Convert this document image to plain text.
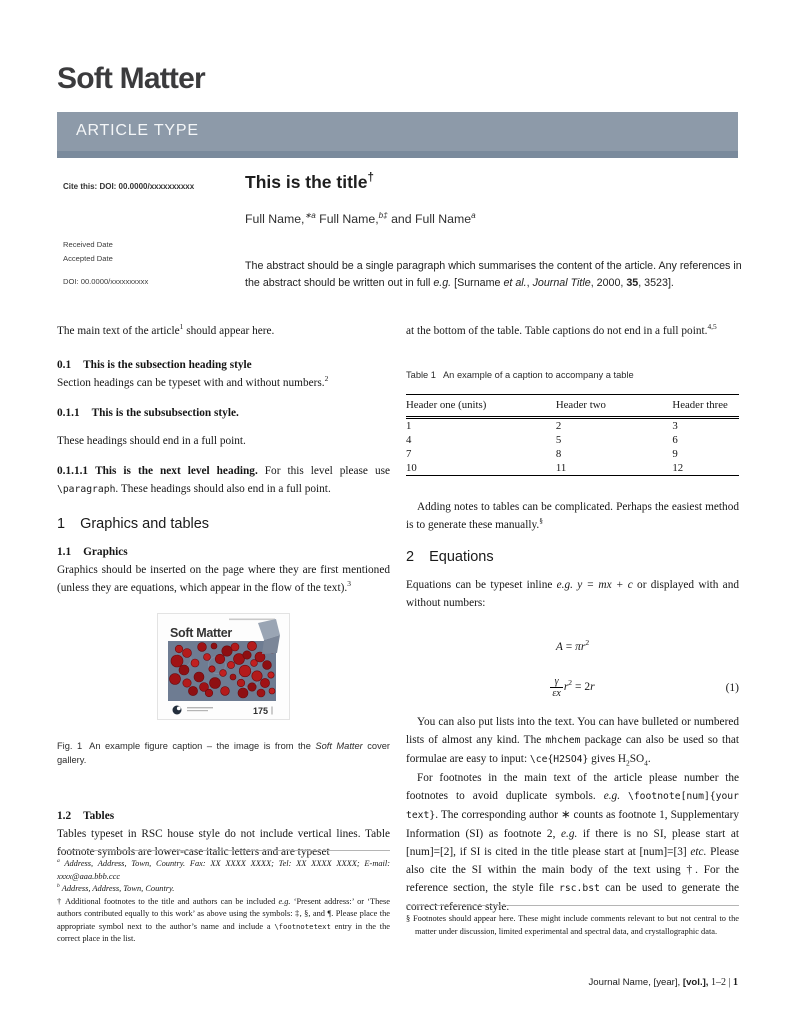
Soft Matter
ARTICLE TYPE
Cite this: DOI: 00.0000/xxxxxxxxxx
Received Date
Accepted Date
DOI: 00.0000/xxxxxxxxxx
This is the title†
Full Name,$^{∗a}$ Full Name,$^{b\ddagger}$ and Full Name$^a$
The abstract should be a single paragraph which summarises the content of the article. Any references in the abstract should be written out in full e.g. [Surname et al., Journal Title, 2000, 35, 3523].

The main text of the article$^1$ should appear here.

0.1 This is the subsection heading style

Section headings can be typeset with and without numbers.$^2$

0.1.1 This is the subsubsection style.

These headings should end in a full point.

0.1.1.1 This is the next level heading. For this level please use \paragraph. These headings should also end in a full point.

1 Graphics and tables
1.1 Graphics

Graphics should be inserted on the page where they are first mentioned (unless they are equations, which appear in the flow of the text).$^3$

Soft Matter
175
Fig. 1 An example figure caption – the image is from the Soft Matter cover gallery.
1.2 Tables

Tables typeset in RSC house style do not include vertical lines. Table footnote symbols are lower-case italic letters and are typeset

at the bottom of the table. Table captions do not end in a full point.$^{4,5}$

Table 1 An example of a caption to accompany a table
Header one (units)	Header two	Header three
1	2	3
4	5	6
7	8	9
10	11	12

Adding notes to tables can be complicated. Perhaps the easiest method is to generate these manually.§

2 Equations

Equations can be typeset inline e.g. y = mx + c or displayed with and without numbers:

$A = \pi r^2$
$\frac{\gamma}{\varepsilon x} r^2 = 2r$	(1)

You can also put lists into the text. You can have bulleted or numbered lists of almost any kind. The mhchem package can also be used so that formulae are easy to input: \ce{H2SO4} gives $H_2SO_4$.

For footnotes in the main text of the article please number the footnotes to avoid duplicate symbols. e.g. \footnote[num]{your text}. The corresponding author ∗ counts as footnote 1, Supplementary Information (SI) as footnote 2, e.g. if there is no SI, please start at [num]=[2], if SI is cited in the title please start at [num]=[3] etc. Please also cite the SI within the main body of the text using †. For the reference section, the style file rsc.bst can be used to generate the correct reference style.

$^a$ Address, Address, Town, Country. Fax: XX XXXX XXXX; Tel: XX XXXX XXXX; E-mail: xxxx@aaa.bbb.ccc

$^b$ Address, Address, Town, Country.

† Additional footnotes to the title and authors can be included e.g. ‘Present address:’ or ‘These authors contributed equally to this work’ as above using the symbols: ‡, §, and ¶. Please place the appropriate symbol next to the author’s name and include a \footnotetext entry in the the correct place in the list.

§ Footnotes should appear here. These might include comments relevant to but not central to the matter under discussion, limited experimental and spectral data, and crystallographic data.

Journal Name, [year], [vol.], 1–2 | 1
